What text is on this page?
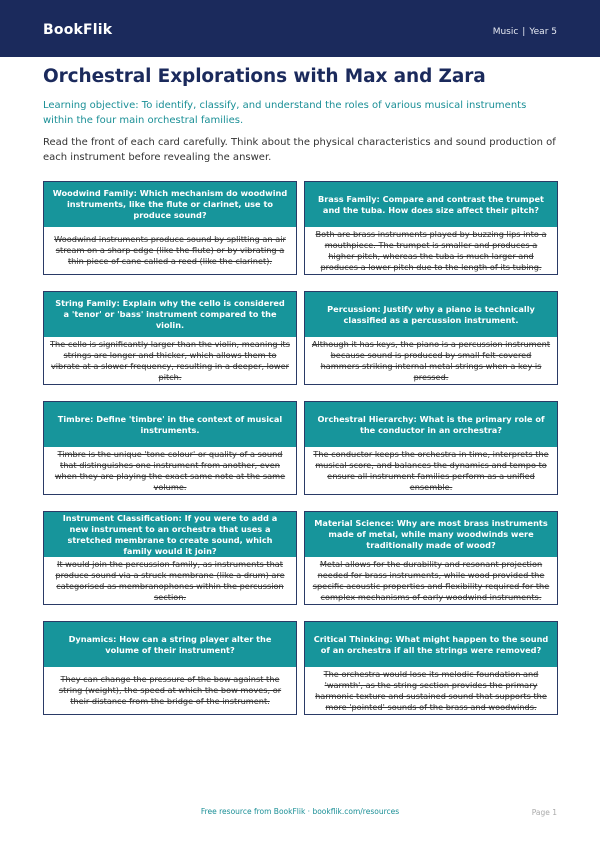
BookFlik	Music | Year 5
Orchestral Explorations with Max and Zara

Learning objective: To identify, classify, and understand the roles of various musical instruments within the four main orchestral families.

Read the front of each card carefully. Think about the physical characteristics and sound production of each instrument before revealing the answer.

Woodwind Family: Which mechanism do woodwind instruments, like the flute or clarinet, use to produce sound?
Woodwind instruments produce sound by splitting an air stream on a sharp edge (like the flute) or by vibrating a thin piece of cane called a reed (like the clarinet).
Brass Family: Compare and contrast the trumpet and the tuba. How does size affect their pitch?
Both are brass instruments played by buzzing lips into a mouthpiece. The trumpet is smaller and produces a higher pitch, whereas the tuba is much larger and produces a lower pitch due to the length of its tubing.
String Family: Explain why the cello is considered a 'tenor' or 'bass' instrument compared to the violin.
The cello is significantly larger than the violin, meaning its strings are longer and thicker, which allows them to vibrate at a slower frequency, resulting in a deeper, lower pitch.
Percussion: Justify why a piano is technically classified as a percussion instrument.
Although it has keys, the piano is a percussion instrument because sound is produced by small felt-covered hammers striking internal metal strings when a key is pressed.
Timbre: Define 'timbre' in the context of musical instruments.
Timbre is the unique 'tone colour' or quality of a sound that distinguishes one instrument from another, even when they are playing the exact same note at the same volume.
Orchestral Hierarchy: What is the primary role of the conductor in an orchestra?
The conductor keeps the orchestra in time, interprets the musical score, and balances the dynamics and tempo to ensure all instrument families perform as a unified ensemble.
Instrument Classification: If you were to add a new instrument to an orchestra that uses a stretched membrane to create sound, which family would it join?
It would join the percussion family, as instruments that produce sound via a struck membrane (like a drum) are categorised as membranophones within the percussion section.
Material Science: Why are most brass instruments made of metal, while many woodwinds were traditionally made of wood?
Metal allows for the durability and resonant projection needed for brass instruments, while wood provided the specific acoustic properties and flexibility required for the complex mechanisms of early woodwind instruments.
Dynamics: How can a string player alter the volume of their instrument?
They can change the pressure of the bow against the string (weight), the speed at which the bow moves, or their distance from the bridge of the instrument.
Critical Thinking: What might happen to the sound of an orchestra if all the strings were removed?
The orchestra would lose its melodic foundation and 'warmth', as the string section provides the primary harmonic texture and sustained sound that supports the more 'pointed' sounds of the brass and woodwinds.
Free resource from BookFlik · bookflik.com/resources	Page 1
